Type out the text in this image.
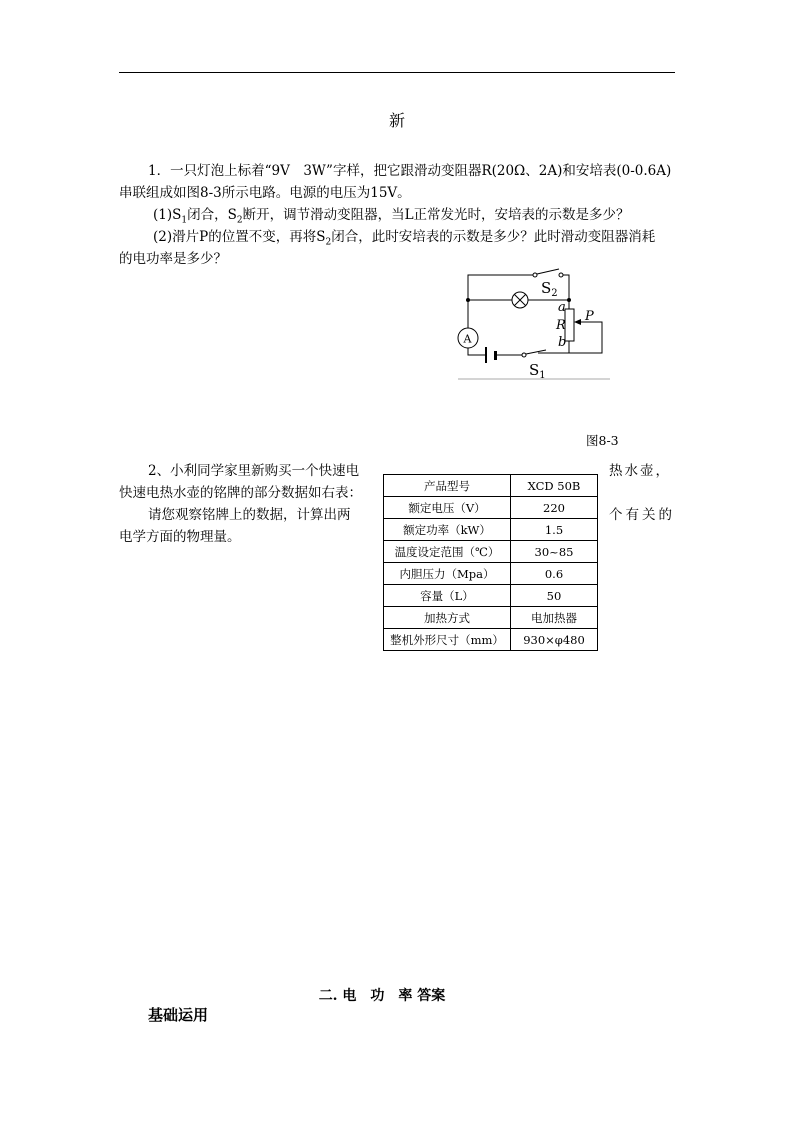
新
1．一只灯泡上标着“9V　3W”字样，把它跟滑动变阻器R(20Ω、2A)和安培表(0-0.6A)
串联组成如图8-3所示电路。电源的电压为15V。
$(1)S_1$闭合，$S_2$断开，调节滑动变阻器，当L正常发光时，安培表的示数是多少？
(2)滑片P的位置不变，再将$S_2$闭合，此时安培表的示数是多少？此时滑动变阻器消耗
的电功率是多少？
$S_2$
$S_1$
a
R
b
P
A
图8-3
2、小利同学家里新购买一个快速电	热水壶，
快速电热水壶的铭牌的部分数据如右表：
请您观察铭牌上的数据，计算出两	个有关的
电学方面的物理量。
产品型号	XCD 50B
额定电压（V）	220
额定功率（kW）	1.5
温度设定范围（℃）	30~85
内胆压力（Mpa）	0.6
容量（L）	50
加热方式	电加热器
整机外形尺寸（mm）	930×φ480
二. 电　功　率 答案
基础运用
